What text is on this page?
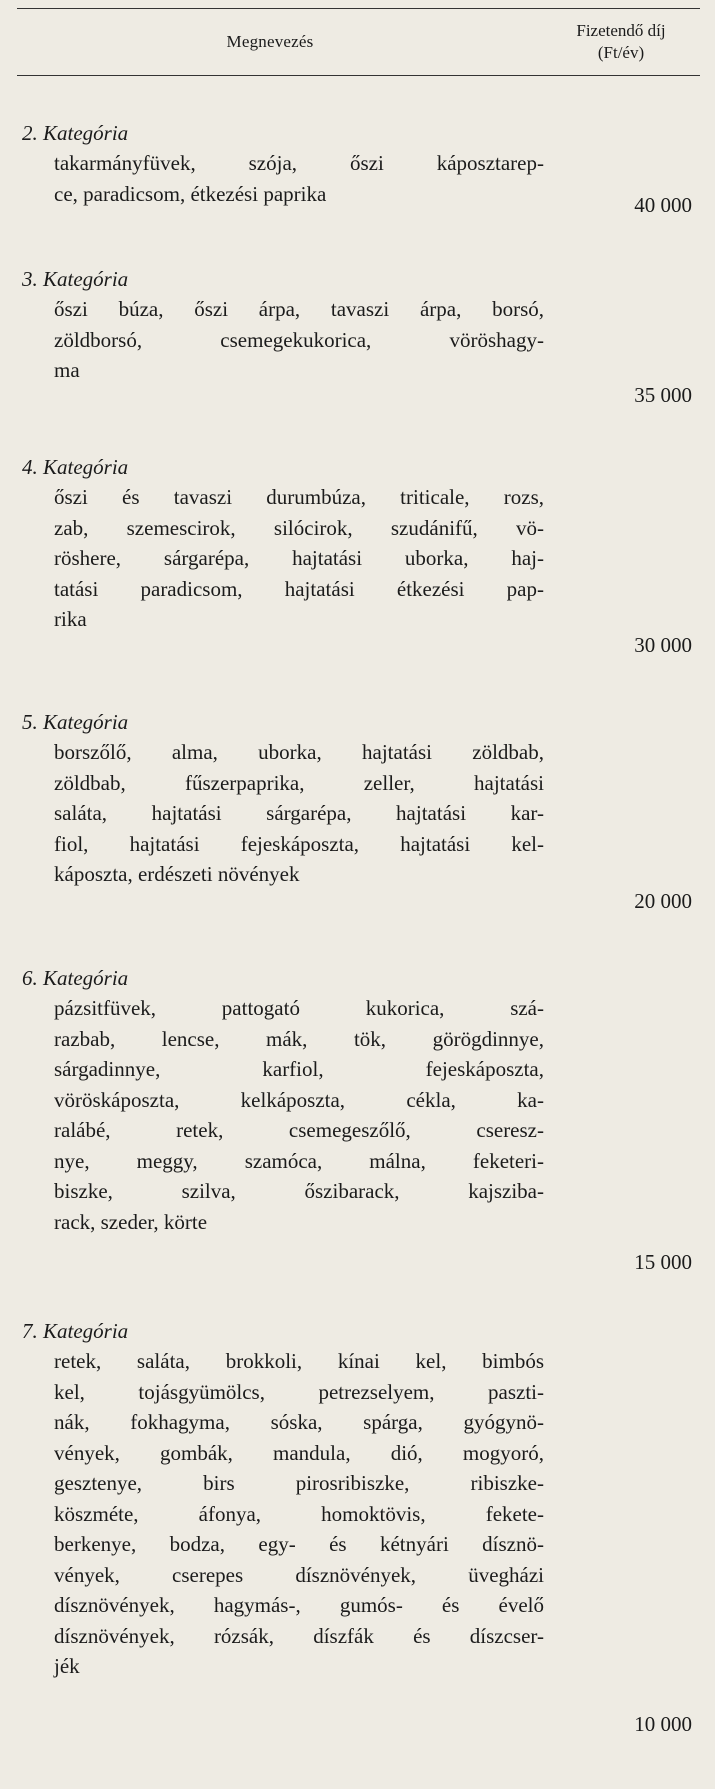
Megnevezés
Fizetendő díj
(Ft/év)
2. Kategória
takarmányfüvek, szója, őszi káposztarep-
ce, paradicsom, étkezési paprika	40 000
3. Kategória
őszi búza, őszi árpa, tavaszi árpa, borsó,
zöldborsó, csemegekukorica, vöröshagy-
ma
35 000
4. Kategória
őszi és tavaszi durumbúza, triticale, rozs,
zab, szemescirok, silócirok, szudánifű, vö-
röshere, sárgarépa, hajtatási uborka, haj-
tatási paradicsom, hajtatási étkezési pap-
rika
30 000
5. Kategória
borszőlő, alma, uborka, hajtatási zöldbab,
zöldbab, fűszerpaprika, zeller, hajtatási
saláta, hajtatási sárgarépa, hajtatási kar-
fiol, hajtatási fejeskáposzta, hajtatási kel-
káposzta, erdészeti növények
20 000
6. Kategória
pázsitfüvek, pattogató kukorica, szá-
razbab, lencse, mák, tök, görögdinnye,
sárgadinnye, karfiol, fejeskáposzta,
vöröskáposzta, kelkáposzta, cékla, ka-
ralábé, retek, csemegeszőlő, cseresz-
nye, meggy, szamóca, málna, feketeri-
biszke, szilva, őszibarack, kajsziba-
rack, szeder, körte
15 000
7. Kategória
retek, saláta, brokkoli, kínai kel, bimbós
kel, tojásgyümölcs, petrezselyem, paszti-
nák, fokhagyma, sóska, spárga, gyógynö-
vények, gombák, mandula, dió, mogyoró,
gesztenye, birs pirosribiszke, ribiszke-
köszméte, áfonya, homoktövis, fekete-
berkenye, bodza, egy- és kétnyári dísznö-
vények, cserepes dísznövények, üvegházi
dísznövények, hagymás-, gumós- és évelő
dísznövények, rózsák, díszfák és díszcser-
jék
10 000
